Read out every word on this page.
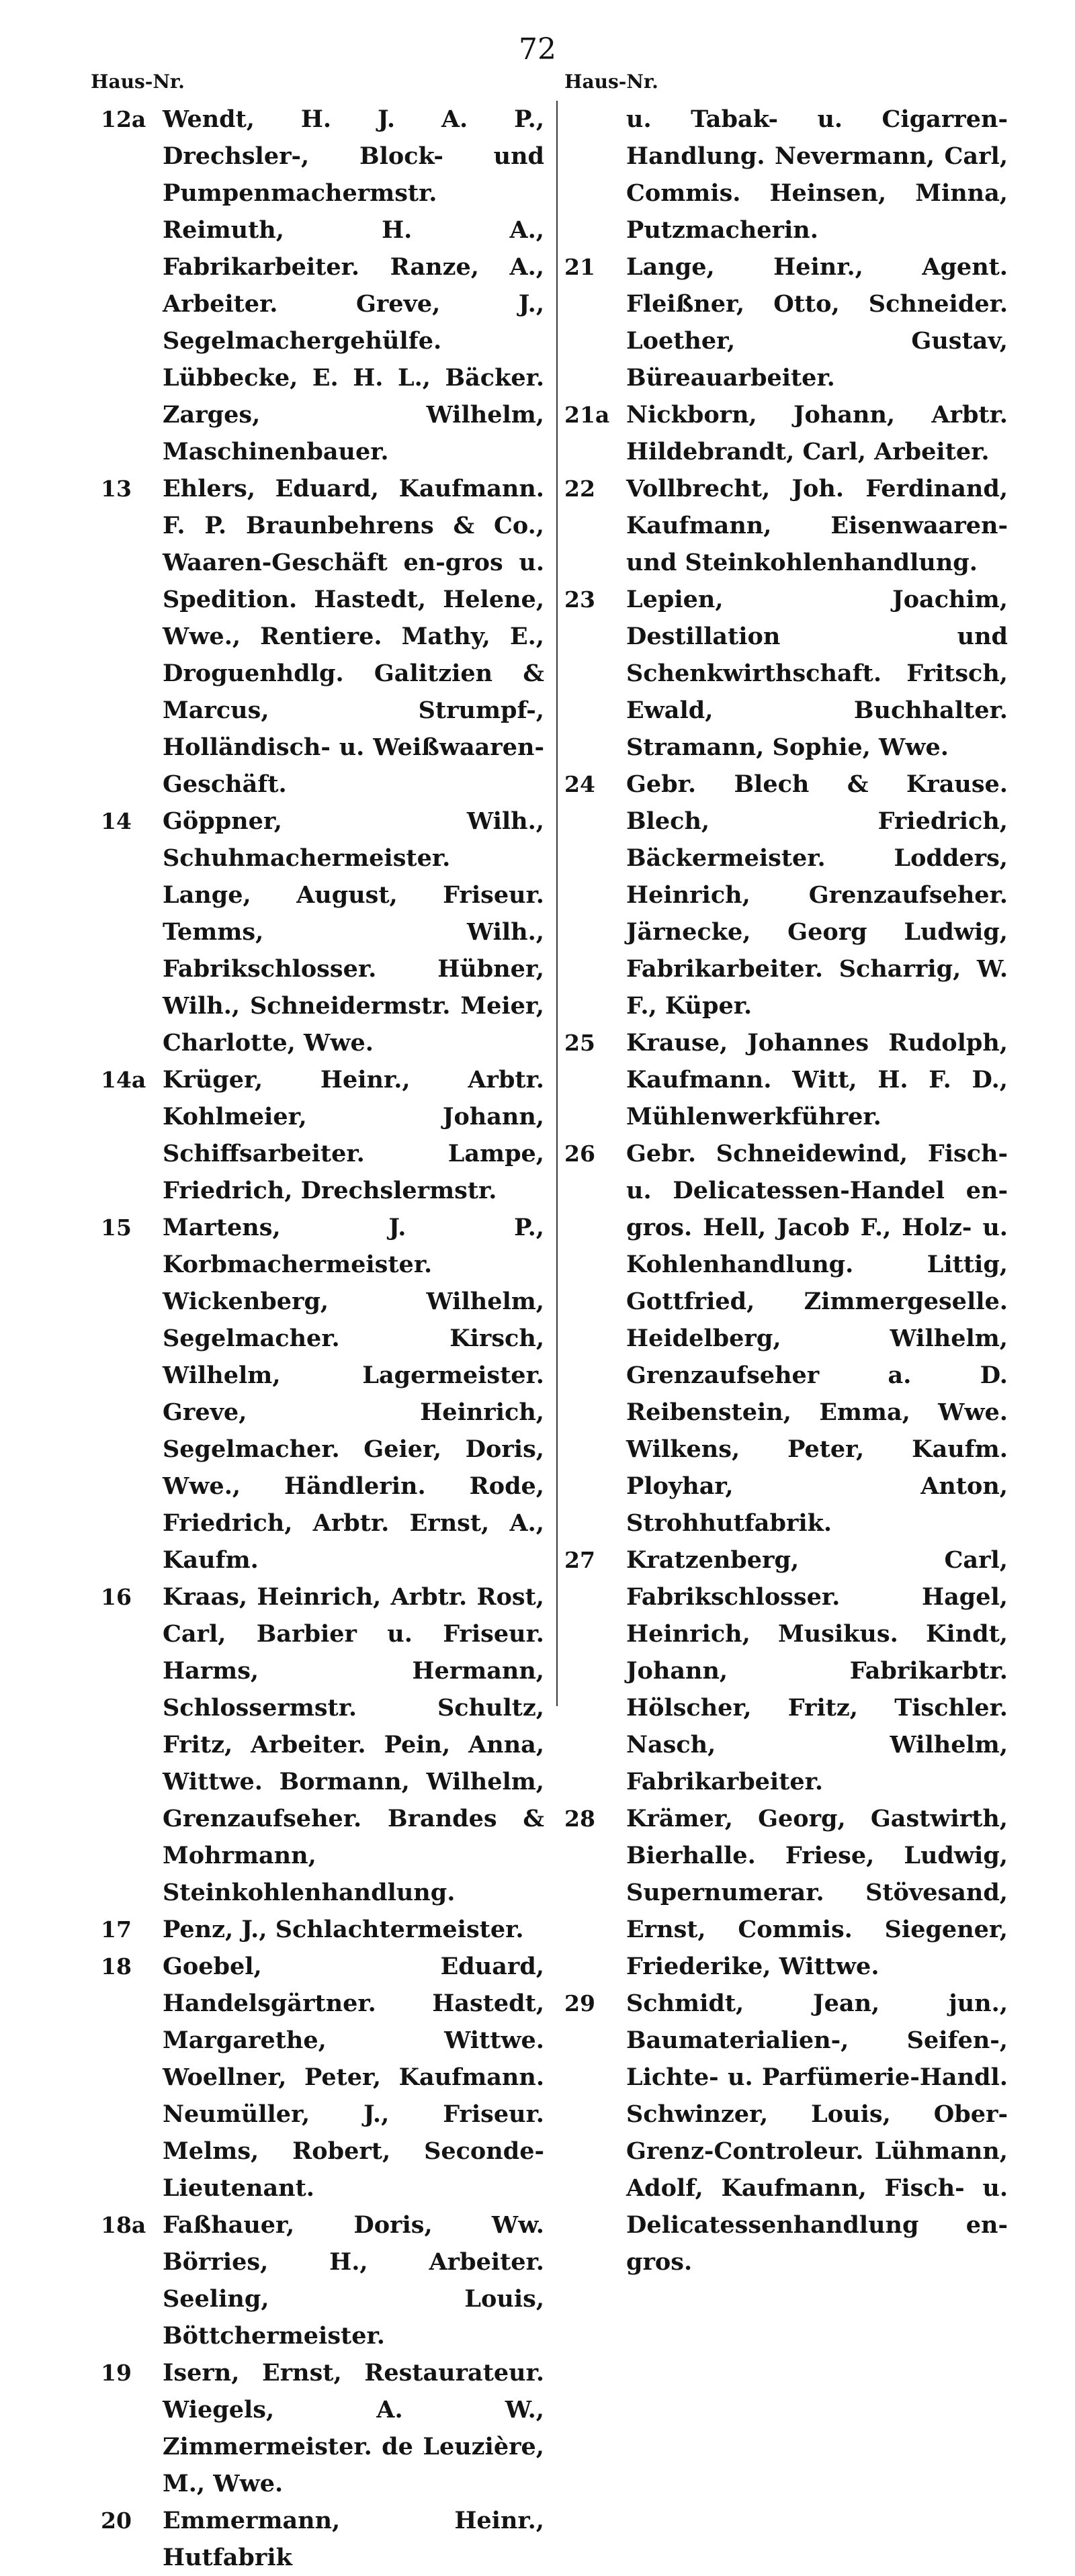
72
Haus-Nr.
12a Wendt, H. J. A. P., Drechsler-, Block- und Pumpenmachermstr. Reimuth, H. A., Fabrikarbeiter. Ranze, A., Arbeiter. Greve, J., Segelmachergehülfe. Lübbecke, E. H. L., Bäcker. Zarges, Wilhelm, Maschinenbauer.

13	Ehlers, Eduard, Kaufmann. F. P. Braunbehrens & Co., Waaren-Geschäft en-gros u. Spedition. Hastedt, Helene, Wwe., Rentiere. Mathy, E., Droguenhdlg. Galitzien & Marcus, Strumpf-, Holländisch- u. Weißwaaren-Geschäft.

14	Göppner, Wilh., Schuhmachermeister. Lange, August, Friseur. Temms, Wilh., Fabrikschlosser. Hübner, Wilh., Schneidermstr. Meier, Charlotte, Wwe.

14a Krüger, Heinr., Arbtr. Kohlmeier, Johann, Schiffsarbeiter. Lampe, Friedrich, Drechslermstr.

15	Martens, J. P., Korbmachermeister. Wickenberg, Wilhelm, Segelmacher. Kirsch, Wilhelm, Lagermeister. Greve, Heinrich, Segelmacher. Geier, Doris, Wwe., Händlerin. Rode, Friedrich, Arbtr. Ernst, A., Kaufm.

16	Kraas, Heinrich, Arbtr. Rost, Carl, Barbier u. Friseur. Harms, Hermann, Schlossermstr. Schultz, Fritz, Arbeiter. Pein, Anna, Wittwe. Bormann, Wilhelm, Grenzaufseher. Brandes & Mohrmann, Steinkohlenhandlung.

17	Penz, J., Schlachtermeister.

18	Goebel, Eduard, Handelsgärtner. Hastedt, Margarethe, Wittwe. Woellner, Peter, Kaufmann. Neumüller, J., Friseur. Melms, Robert, Seconde-Lieutenant.

18a Faßhauer, Doris, Ww. Börries, H., Arbeiter. Seeling, Louis, Böttchermeister.

19	Isern, Ernst, Restaurateur. Wiegels, A. W., Zimmermeister. de Leuzière, M., Wwe.

20	Emmermann, Heinr., Hutfabrik

Haus-Nr.

u. Tabak- u. Cigarren-Handlung. Nevermann, Carl, Commis. Heinsen, Minna, Putzmacherin.

21	Lange, Heinr., Agent. Fleißner, Otto, Schneider. Loether, Gustav, Büreauarbeiter.

21a Nickborn, Johann, Arbtr. Hildebrandt, Carl, Arbeiter.

22	Vollbrecht, Joh. Ferdinand, Kaufmann, Eisenwaaren- und Steinkohlenhandlung.

23	Lepien, Joachim, Destillation und Schenkwirthschaft. Fritsch, Ewald, Buchhalter. Stramann, Sophie, Wwe.

24	Gebr. Blech & Krause. Blech, Friedrich, Bäckermeister. Lodders, Heinrich, Grenzaufseher. Järnecke, Georg Ludwig, Fabrikarbeiter. Scharrig, W. F., Küper.

25	Krause, Johannes Rudolph, Kaufmann. Witt, H. F. D., Mühlenwerkführer.

26	Gebr. Schneidewind, Fisch- u. Delicatessen-Handel en-gros. Hell, Jacob F., Holz- u. Kohlenhandlung. Littig, Gottfried, Zimmergeselle. Heidelberg, Wilhelm, Grenzaufseher a. D. Reibenstein, Emma, Wwe. Wilkens, Peter, Kaufm. Ployhar, Anton, Strohhutfabrik.

27	Kratzenberg, Carl, Fabrikschlosser. Hagel, Heinrich, Musikus. Kindt, Johann, Fabrikarbtr. Hölscher, Fritz, Tischler. Nasch, Wilhelm, Fabrikarbeiter.

28	Krämer, Georg, Gastwirth, Bierhalle. Friese, Ludwig, Supernumerar. Stövesand, Ernst, Commis. Siegener, Friederike, Wittwe.

29	Schmidt, Jean, jun., Baumaterialien-, Seifen-, Lichte- u. Parfümerie-Handl. Schwinzer, Louis, Ober-Grenz-Controleur. Lühmann, Adolf, Kaufmann, Fisch- u. Delicatessenhandlung en-gros.
